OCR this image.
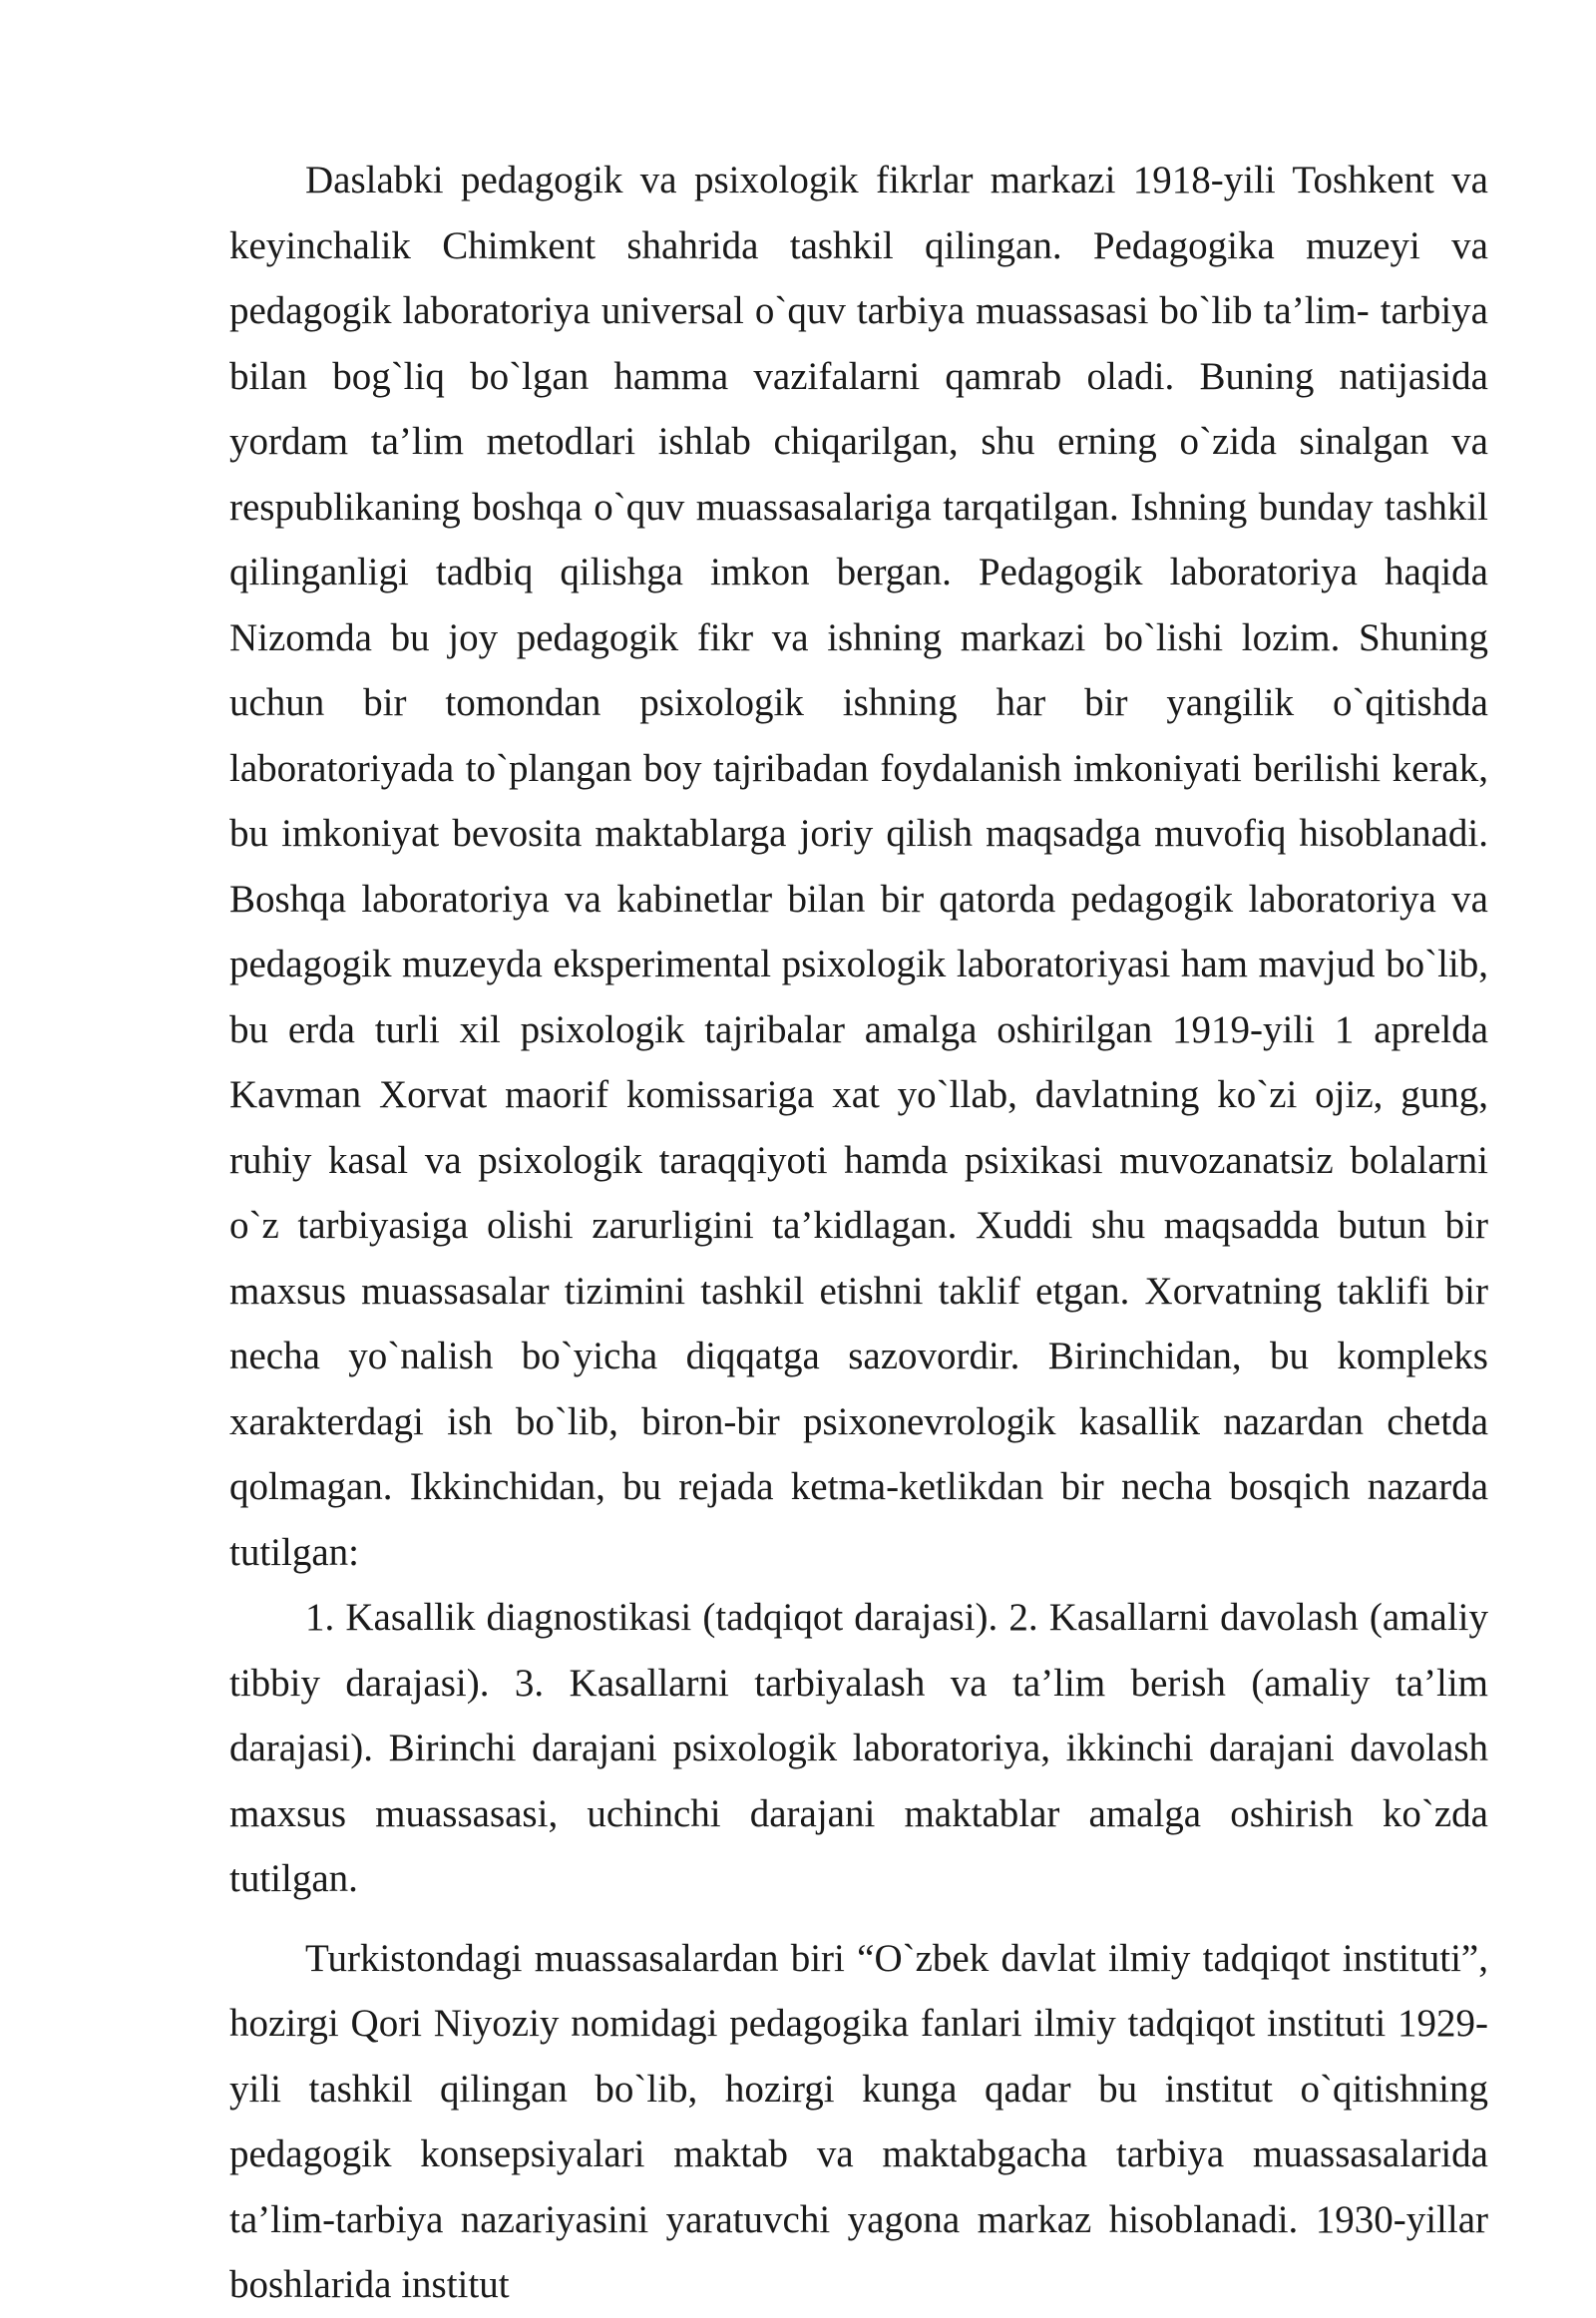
Daslabki pedagogik va psixologik fikrlar markazi 1918-yili Toshkent va keyinchalik Chimkent shahrida tashkil qilingan. Pedagogika muzeyi va pedagogik laboratoriya universal o`quv tarbiya muassasasi bo`lib ta’lim- tarbiya bilan bog`liq bo`lgan hamma vazifalarni qamrab oladi. Buning natijasida yordam ta’lim metodlari ishlab chiqarilgan, shu erning o`zida sinalgan va respublikaning boshqa o`quv muassasalariga tarqatilgan. Ishning bunday tashkil qilinganligi tadbiq qilishga imkon bergan. Pedagogik laboratoriya haqida Nizomda bu joy pedagogik fikr va ishning markazi bo`lishi lozim. Shuning uchun bir tomondan psixologik ishning har bir yangilik o`qitishda laboratoriyada to`plangan boy tajribadan foydalanish imkoniyati berilishi kerak, bu imkoniyat bevosita maktablarga joriy qilish maqsadga muvofiq hisoblanadi. Boshqa laboratoriya va kabinetlar bilan bir qatorda pedagogik laboratoriya va pedagogik muzeyda eksperimental psixologik laboratoriyasi ham mavjud bo`lib, bu erda turli xil psixologik tajribalar amalga oshirilgan 1919-yili 1 aprelda Kavman Xorvat maorif komissariga xat yo`llab, davlatning ko`zi ojiz, gung, ruhiy kasal va psixologik taraqqiyoti hamda psixikasi muvozanatsiz bolalarni o`z tarbiyasiga olishi zarurligini ta’kidlagan. Xuddi shu maqsadda butun bir maxsus muassasalar tizimini tashkil etishni taklif etgan. Xorvatning taklifi bir necha yo`nalish bo`yicha diqqatga sazovordir. Birinchidan, bu kompleks xarakterdagi ish bo`lib, biron-bir psixonevrologik kasallik nazardan chetda qolmagan. Ikkinchidan, bu rejada ketma-ketlikdan bir necha bosqich nazarda tutilgan:

1. Kasallik diagnostikasi (tadqiqot darajasi). 2. Kasallarni davolash (amaliy tibbiy darajasi). 3. Kasallarni tarbiyalash va ta’lim berish (amaliy ta’lim darajasi). Birinchi darajani psixologik laboratoriya, ikkinchi darajani davolash maxsus muassasasi, uchinchi darajani maktablar amalga oshirish ko`zda tutilgan.

Turkistondagi muassasalardan biri “O`zbek davlat ilmiy tadqiqot instituti”, hozirgi Qori Niyoziy nomidagi pedagogika fanlari ilmiy tadqiqot instituti 1929-yili tashkil qilingan bo`lib, hozirgi kunga qadar bu institut o`qitishning pedagogik konsepsiyalari maktab va maktabgacha tarbiya muassasalarida ta’lim-tarbiya nazariyasini yaratuvchi yagona markaz hisoblanadi. 1930-yillar boshlarida institut
